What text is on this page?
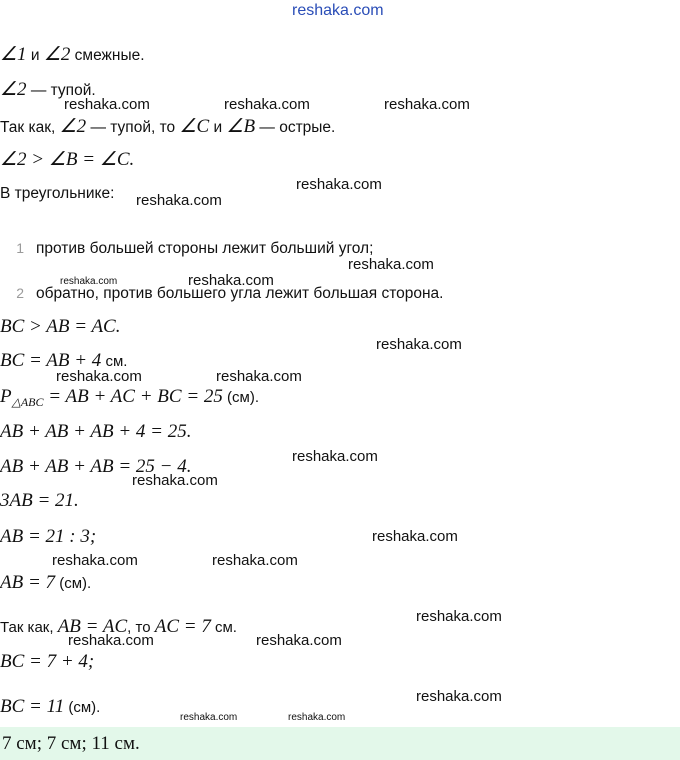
reshaka.com
∠1 и ∠2 смежные.
∠2 — тупой.
Так как, ∠2 — тупой, то ∠C и ∠B — острые.
∠2 > ∠B = ∠C.
В треугольнике:
1 против большей стороны лежит больший угол;
2 обратно, против большего угла лежит большая сторона.
BC > AB = AC.
BC = AB + 4 см.
$P_{\triangle ABC}$ = AB + AC + BC = 25 (см).
AB + AB + AB + 4 = 25.
AB + AB + AB = 25 − 4.
3AB = 21.
AB = 21 : 3;
AB = 7 (см).
Так как, AB = AC, то AC = 7 см.
BC = 7 + 4;
BC = 11 (см).
7 см; 7 см; 11 см.
reshaka.com	reshaka.com	reshaka.com
reshaka.com
reshaka.com
reshaka.com
reshaka.com	reshaka.com
reshaka.com
reshaka.com	reshaka.com
reshaka.com
reshaka.com
reshaka.com
reshaka.com	reshaka.com
reshaka.com
reshaka.com	reshaka.com
reshaka.com
reshaka.com	reshaka.com
